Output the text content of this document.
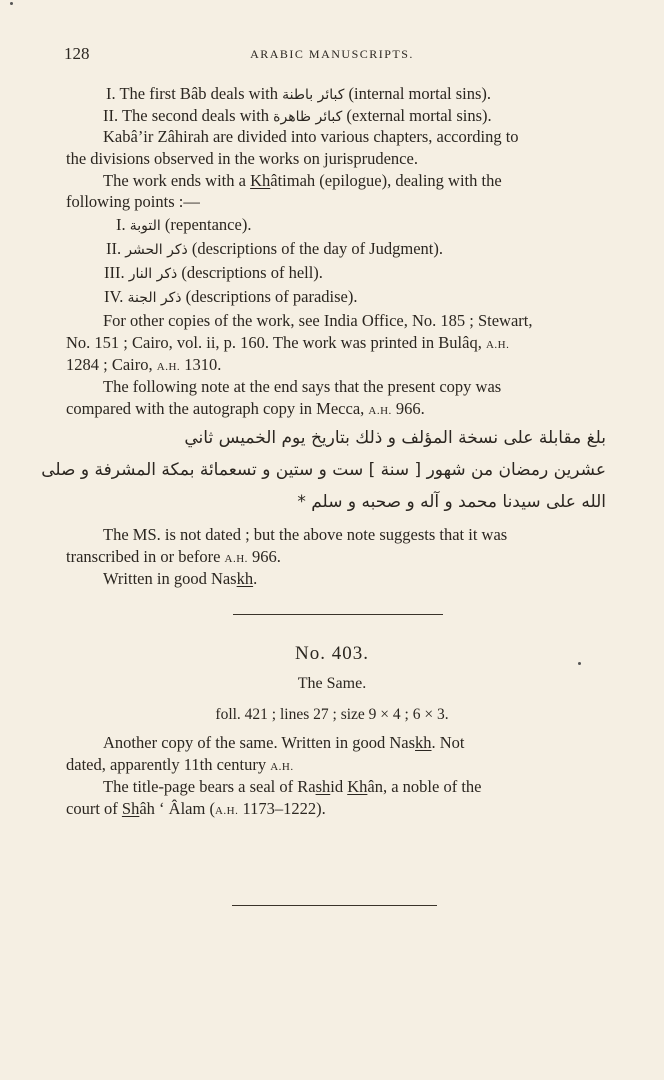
128	ARABIC MANUSCRIPTS.
I. The first Bâb deals with كبائر باطنة (internal mortal sins).
II. The second deals with كبائر ظاهرة (external mortal sins).
Kabâ’ir Zâhirah are divided into various chapters, according to
the divisions observed in the works on jurisprudence.
The work ends with a Khâtimah (epilogue), dealing with the
following points :—
I. التوبة (repentance).
II. ذكر الحشر (descriptions of the day of Judgment).
III. ذكر النار (descriptions of hell).
IV. ذكر الجنة (descriptions of paradise).
For other copies of the work, see India Office, No. 185 ; Stewart,
No. 151 ; Cairo, vol. ii, p. 160. The work was printed in Bulâq, A.H.
1284 ; Cairo, A.H. 1310.
The following note at the end says that the present copy was
compared with the autograph copy in Mecca, A.H. 966.
بلغ مقابلة على نسخة المؤلف و ذلك بتاريخ يوم الخميس ثاني
عشرين رمضان من شهور [ سنة ] ست و ستين و تسعمائة بمكة المشرفة و صلى
الله على سيدنا محمد و آله و صحبه و سلم *
The MS. is not dated ; but the above note suggests that it was
transcribed in or before A.H. 966.
Written in good Naskh.
No. 403.
The Same.
foll. 421 ; lines 27 ; size 9 × 4 ; 6 × 3.
Another copy of the same. Written in good Naskh. Not
dated, apparently 11th century A.H.
The title-page bears a seal of Rashid Khân, a noble of the
court of Shâh ‘ Âlam (A.H. 1173–1222).
